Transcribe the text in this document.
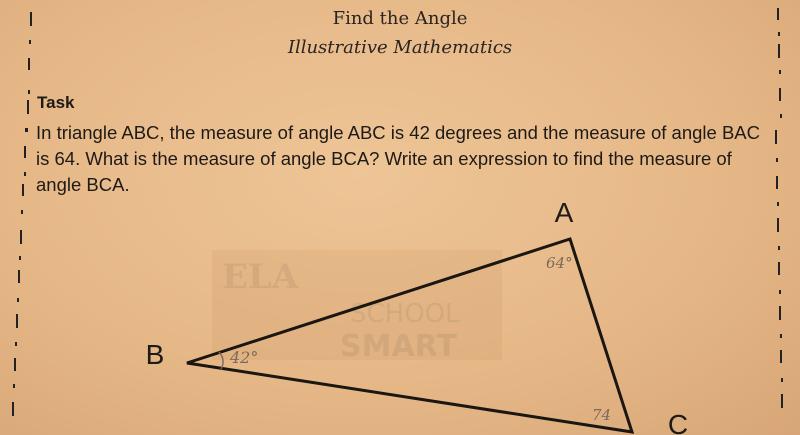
Find the Angle
Illustrative Mathematics
Task
In triangle ABC, the measure of angle ABC is 42 degrees and the measure of angle BAC is 64. What is the measure of angle BCA? Write an expression to find the measure of angle BCA.
ELA
SCHOOL
SMART
A
B
C
42°
64°
74
